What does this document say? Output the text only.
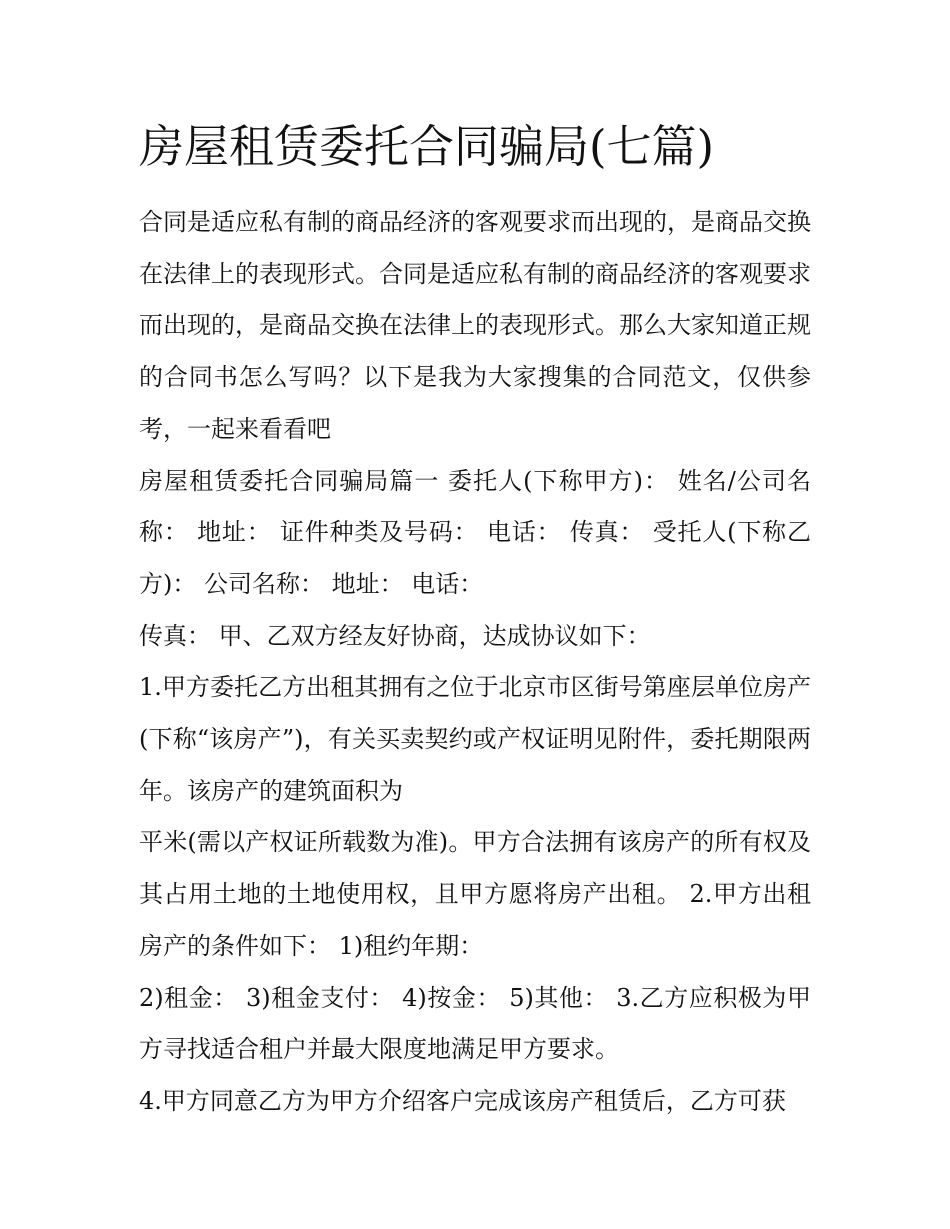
房屋租赁委托合同骗局(七篇)

合同是适应私有制的商品经济的客观要求而出现的，是商品交换在法律上的表现形式。合同是适应私有制的商品经济的客观要求而出现的，是商品交换在法律上的表现形式。那么大家知道正规的合同书怎么写吗？以下是我为大家搜集的合同范文，仅供参考，一起来看看吧

房屋租赁委托合同骗局篇一 委托人(下称甲方)： 姓名/公司名称： 地址： 证件种类及号码： 电话： 传真： 受托人(下称乙方)： 公司名称： 地址： 电话：

传真： 甲、乙双方经友好协商，达成协议如下：

1.甲方委托乙方出租其拥有之位于北京市区街号第座层单位房产(下称“该房产”)，有关买卖契约或产权证明见附件，委托期限两年。该房产的建筑面积为

平米(需以产权证所载数为准)。甲方合法拥有该房产的所有权及其占用土地的土地使用权，且甲方愿将房产出租。 2.甲方出租房产的条件如下： 1)租约年期：

2)租金： 3)租金支付： 4)按金： 5)其他： 3.乙方应积极为甲方寻找适合租户并最大限度地满足甲方要求。

4.甲方同意乙方为甲方介绍客户完成该房产租赁后，乙方可获
